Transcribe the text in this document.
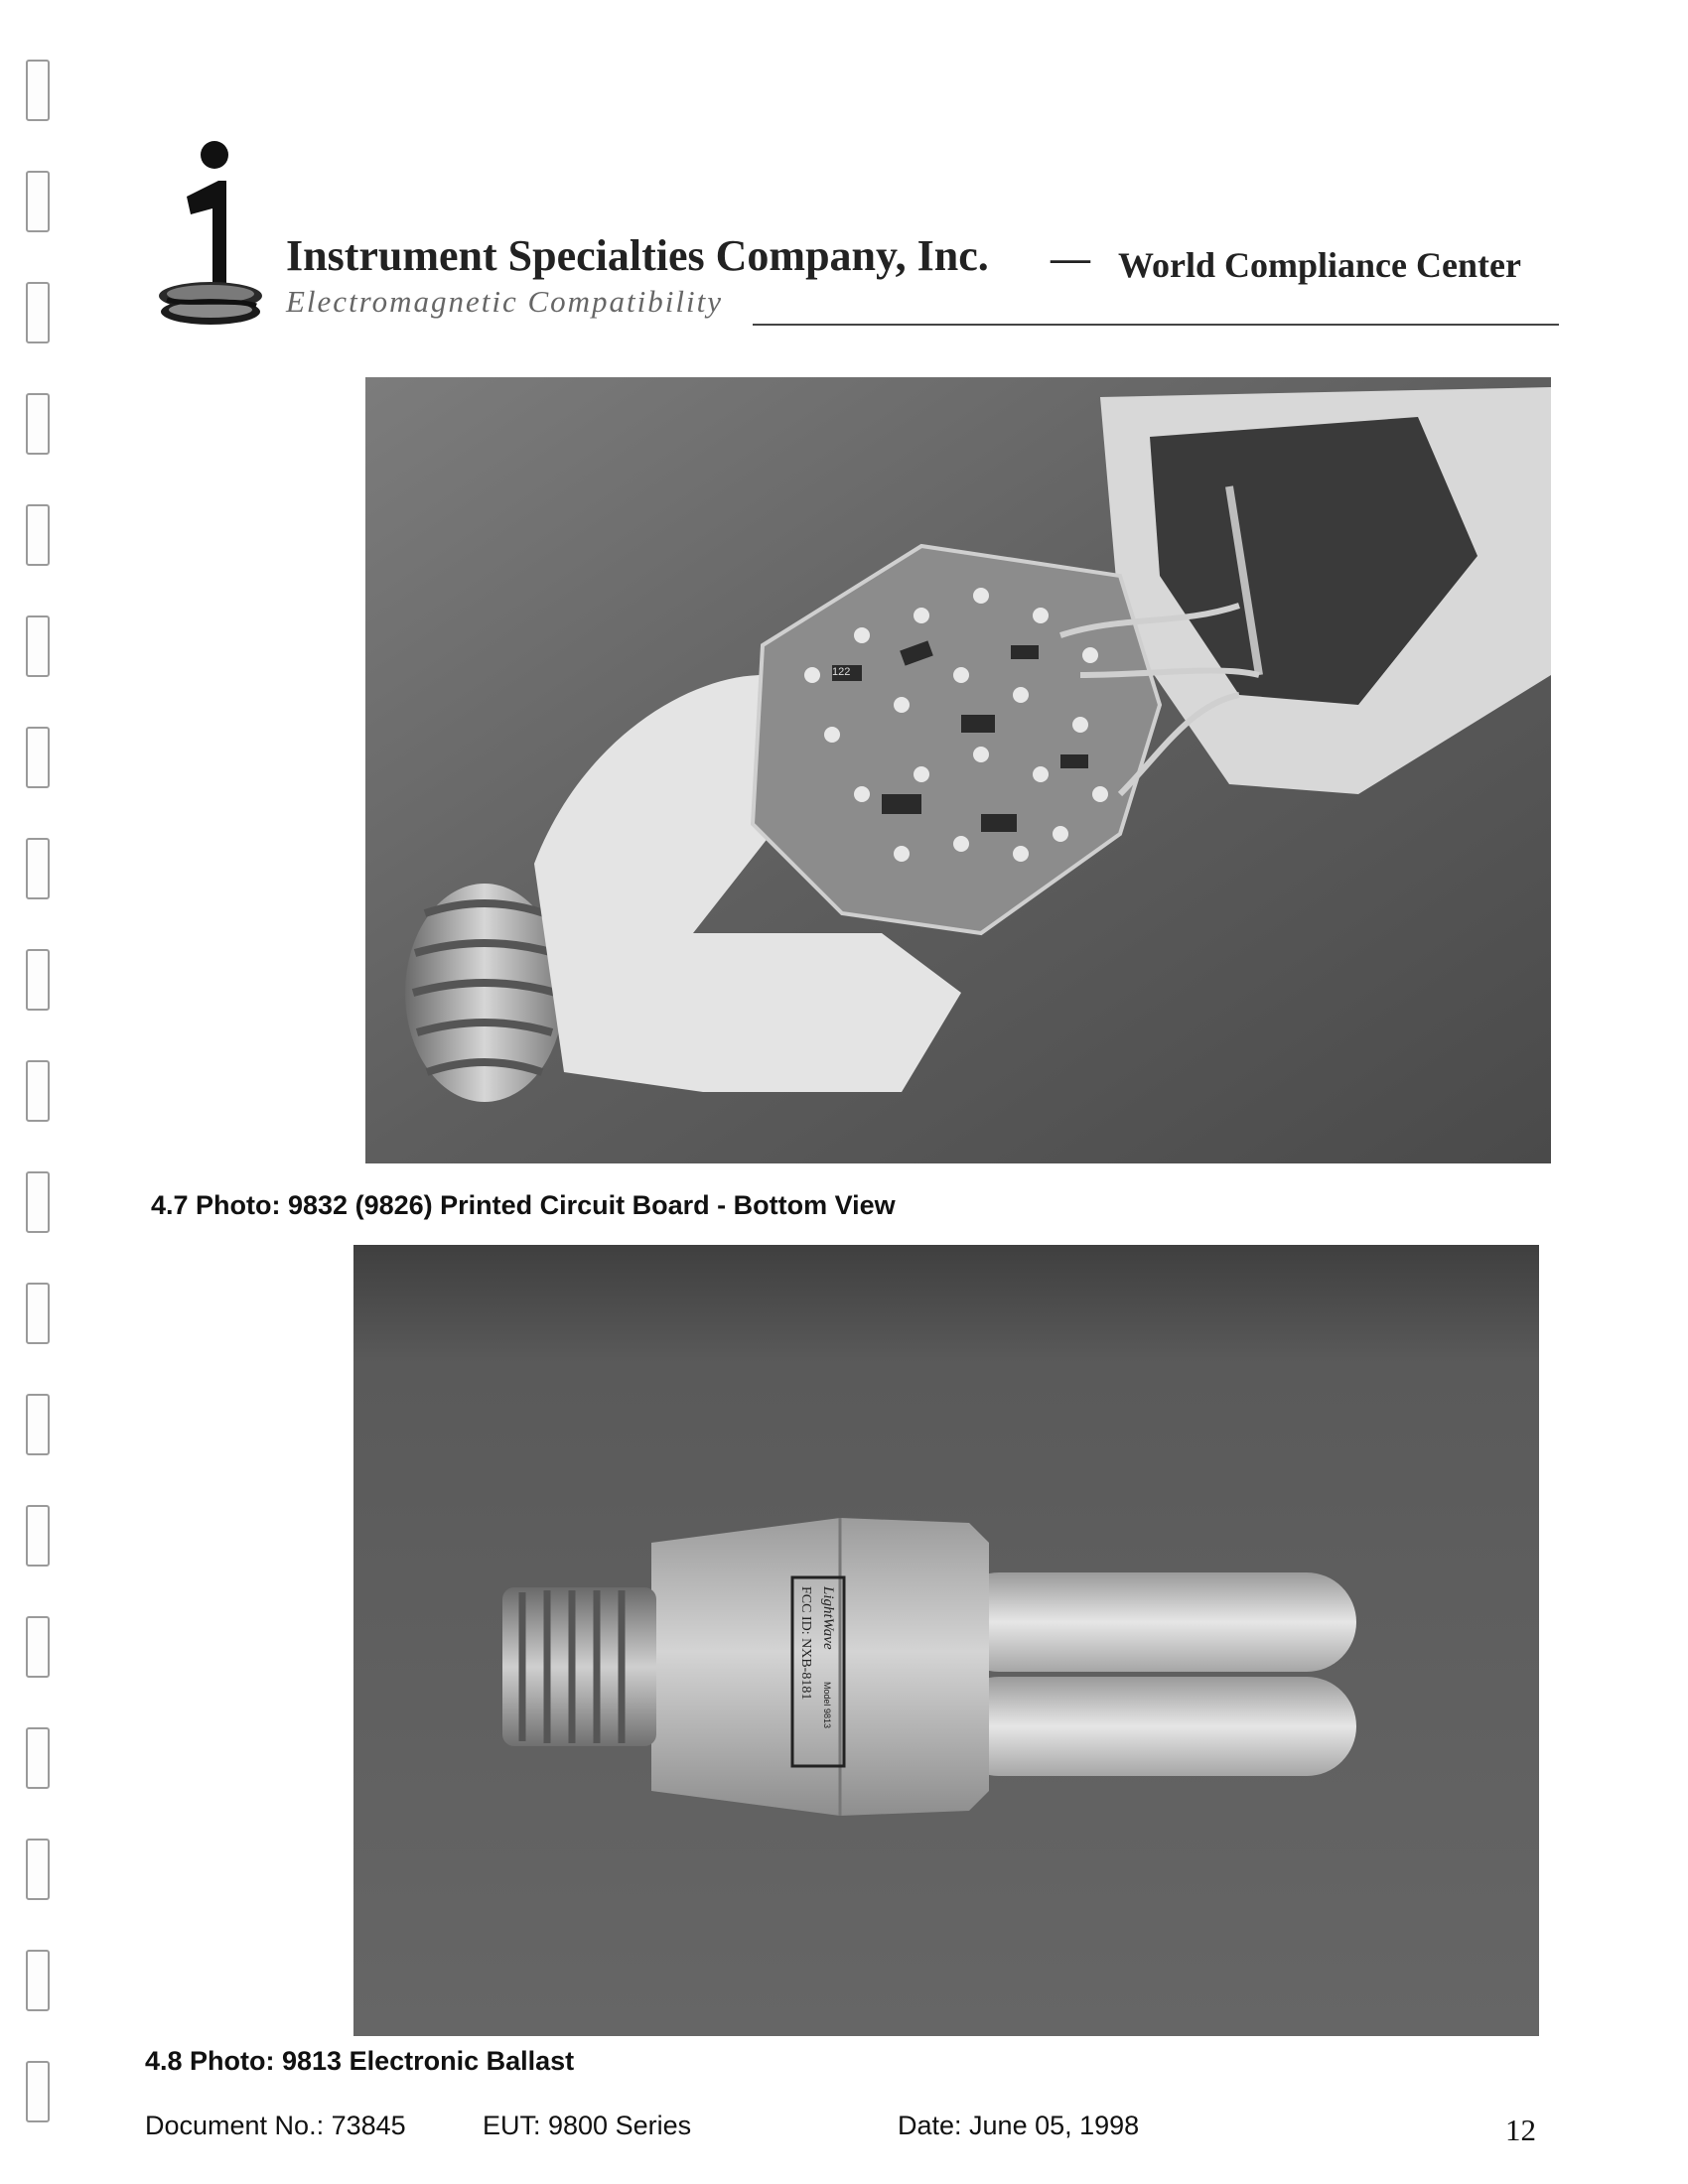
Instrument Specialties Company, Inc. — World Compliance Center
Electromagnetic Compatibility
122
4.7 Photo: 9832 (9826) Printed Circuit Board - Bottom View
LightWave
Model 9813
FCC ID: NXB-8181
4.8 Photo: 9813 Electronic Ballast
Document No.: 73845	EUT: 9800 Series	Date: June 05, 1998	12
